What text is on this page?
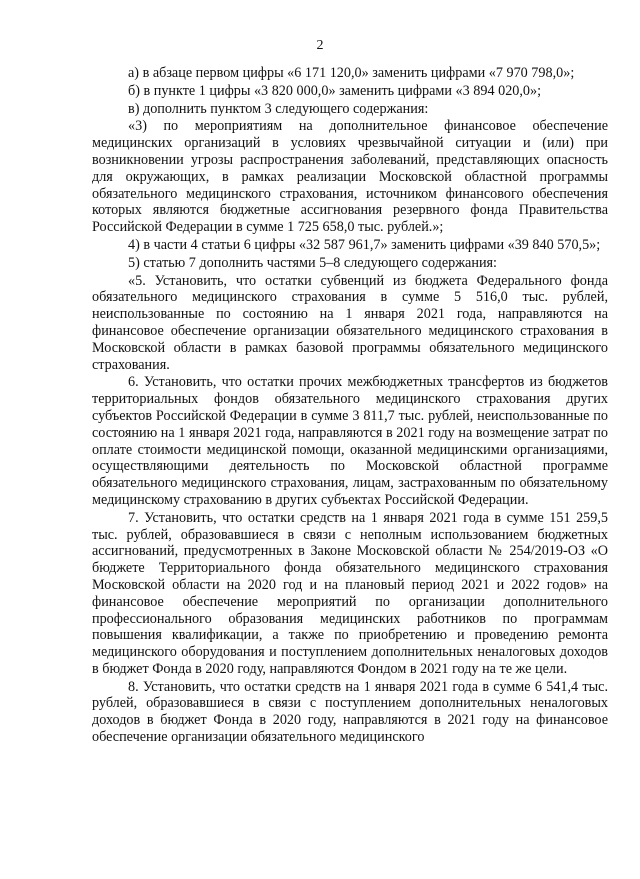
2

а) в абзаце первом цифры «6 171 120,0» заменить цифрами «7 970 798,0»;

б) в пункте 1 цифры «3 820 000,0» заменить цифрами «3 894 020,0»;

в) дополнить пунктом 3 следующего содержания:

«3) по мероприятиям на дополнительное финансовое обеспечение медицинских организаций в условиях чрезвычайной ситуации и (или) при возникновении угрозы распространения заболеваний, представляющих опасность для окружающих, в рамках реализации Московской областной программы обязательного медицинского страхования, источником финансового обеспечения которых являются бюджетные ассигнования резервного фонда Правительства Российской Федерации в сумме 1 725 658,0 тыс. рублей.»;

4) в части 4 статьи 6 цифры «32 587 961,7» заменить цифрами «39 840 570,5»;

5) статью 7 дополнить частями 5–8 следующего содержания:

«5. Установить, что остатки субвенций из бюджета Федерального фонда обязательного медицинского страхования в сумме 5 516,0 тыс. рублей, неиспользованные по состоянию на 1 января 2021 года, направляются на финансовое обеспечение организации обязательного медицинского страхования в Московской области в рамках базовой программы обязательного медицинского страхования.

6. Установить, что остатки прочих межбюджетных трансфертов из бюджетов территориальных фондов обязательного медицинского страхования других субъектов Российской Федерации в сумме 3 811,7 тыс. рублей, неиспользованные по состоянию на 1 января 2021 года, направляются в 2021 году на возмещение затрат по оплате стоимости медицинской помощи, оказанной медицинскими организациями, осуществляющими деятельность по Московской областной программе обязательного медицинского страхования, лицам, застрахованным по обязательному медицинскому страхованию в других субъектах Российской Федерации.

7. Установить, что остатки средств на 1 января 2021 года в сумме 151 259,5 тыс. рублей, образовавшиеся в связи с неполным использованием бюджетных ассигнований, предусмотренных в Законе Московской области № 254/2019-ОЗ «О бюджете Территориального фонда обязательного медицинского страхования Московской области на 2020 год и на плановый период 2021 и 2022 годов» на финансовое обеспечение мероприятий по организации дополнительного профессионального образования медицинских работников по программам повышения квалификации, а также по приобретению и проведению ремонта медицинского оборудования и поступлением дополнительных неналоговых доходов в бюджет Фонда в 2020 году, направляются Фондом в 2021 году на те же цели.

8. Установить, что остатки средств на 1 января 2021 года в сумме 6 541,4 тыс. рублей, образовавшиеся в связи с поступлением дополнительных неналоговых доходов в бюджет Фонда в 2020 году, направляются в 2021 году на финансовое обеспечение организации обязательного медицинского
